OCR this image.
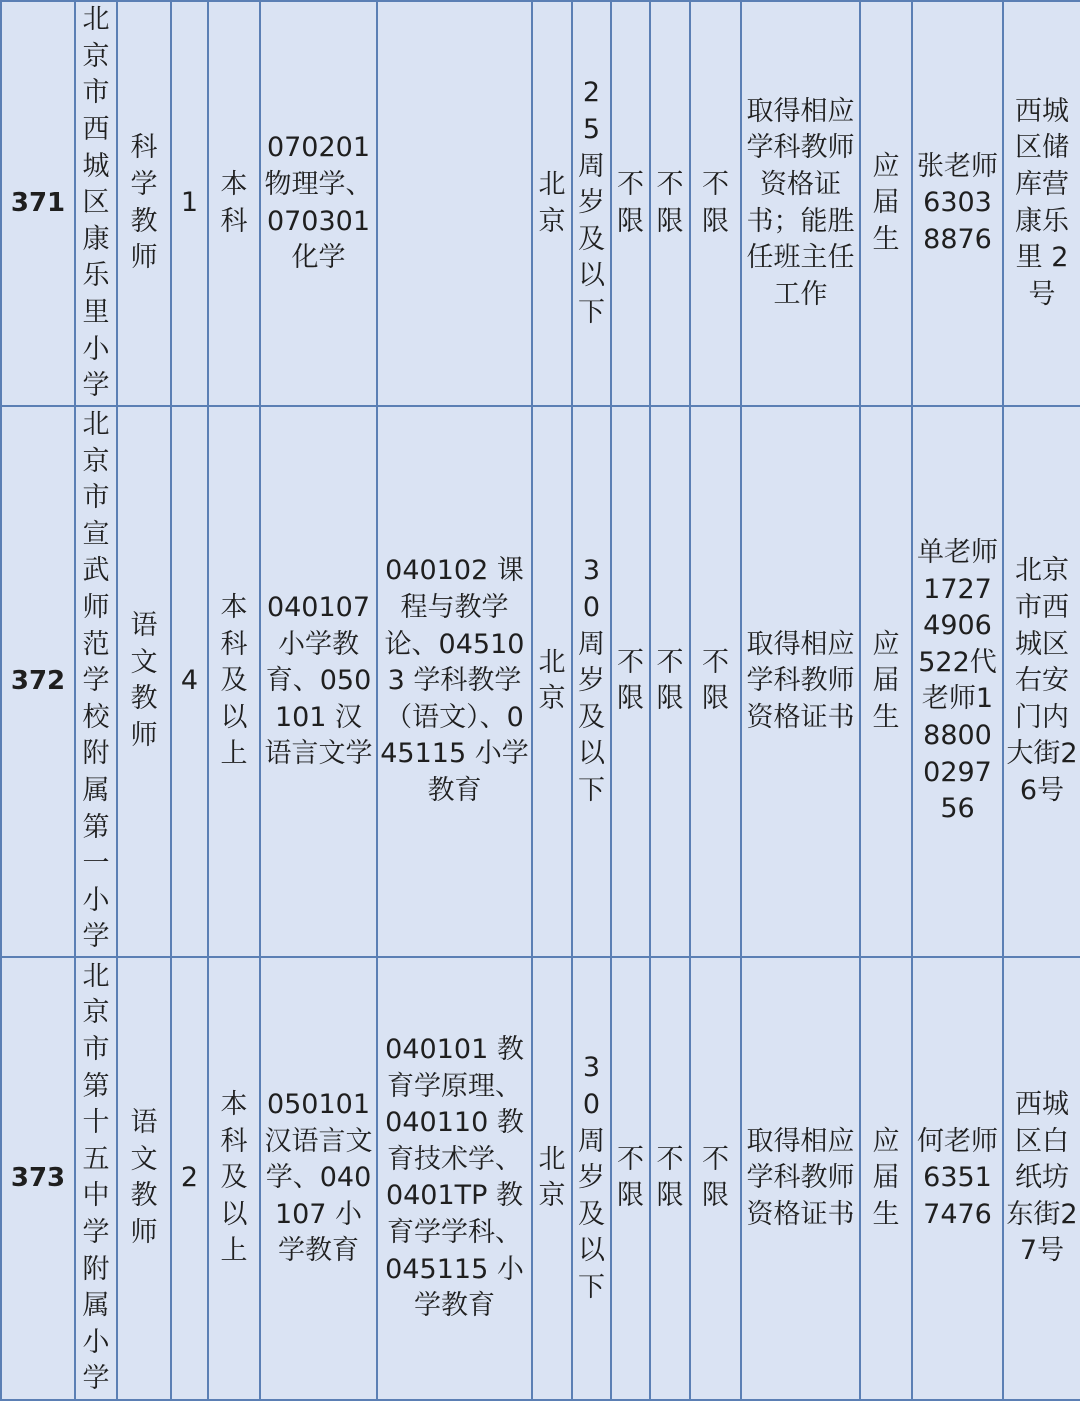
371	北京市西城区康乐里小学	科学教师	1	本科	070201 物理学、070301 化学		北京	25周岁及以下	不限	不限	不限	取得相应学科教师资格证书；能胜任班主任工作	应届生	张老师63038876	西城区储库营康乐里 2 号
372	北京市宣武师范学校附属第一小学	语文教师	4	本科及以上	040107 小学教育、050101 汉语言文学	040102 课程与教学论、045103 学科教学（语文）、045115 小学教育	北京	30周岁及以下	不限	不限	不限	取得相应学科教师资格证书	应届生	单老师17274906522代老师18800029756	北京市西城区右安门内大街26号
373	北京市第十五中学附属小学	语文教师	2	本科及以上	050101 汉语言文学、040107 小学教育	040101 教育学原理、040110 教育技术学、0401TP 教育学学科、045115 小学教育	北京	30周岁及以下	不限	不限	不限	取得相应学科教师资格证书	应届生	何老师63517476	西城区白纸坊东街27号
